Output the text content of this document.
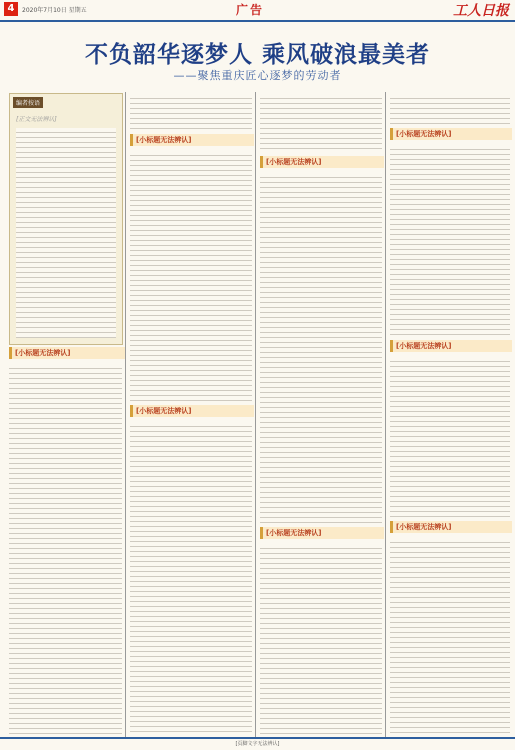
4	2020年7月10日 星期五	广告	工人日报
不负韶华逐梦人 乘风破浪最美者
——聚焦重庆匠心逐梦的劳动者
编者按语
[正文无法辨认]
[小标题无法辨认]
[小标题无法辨认]
[小标题无法辨认]
[小标题无法辨认]
[小标题无法辨认]
[小标题无法辨认]
[小标题无法辨认]
[小标题无法辨认]
[页脚文字无法辨认]
